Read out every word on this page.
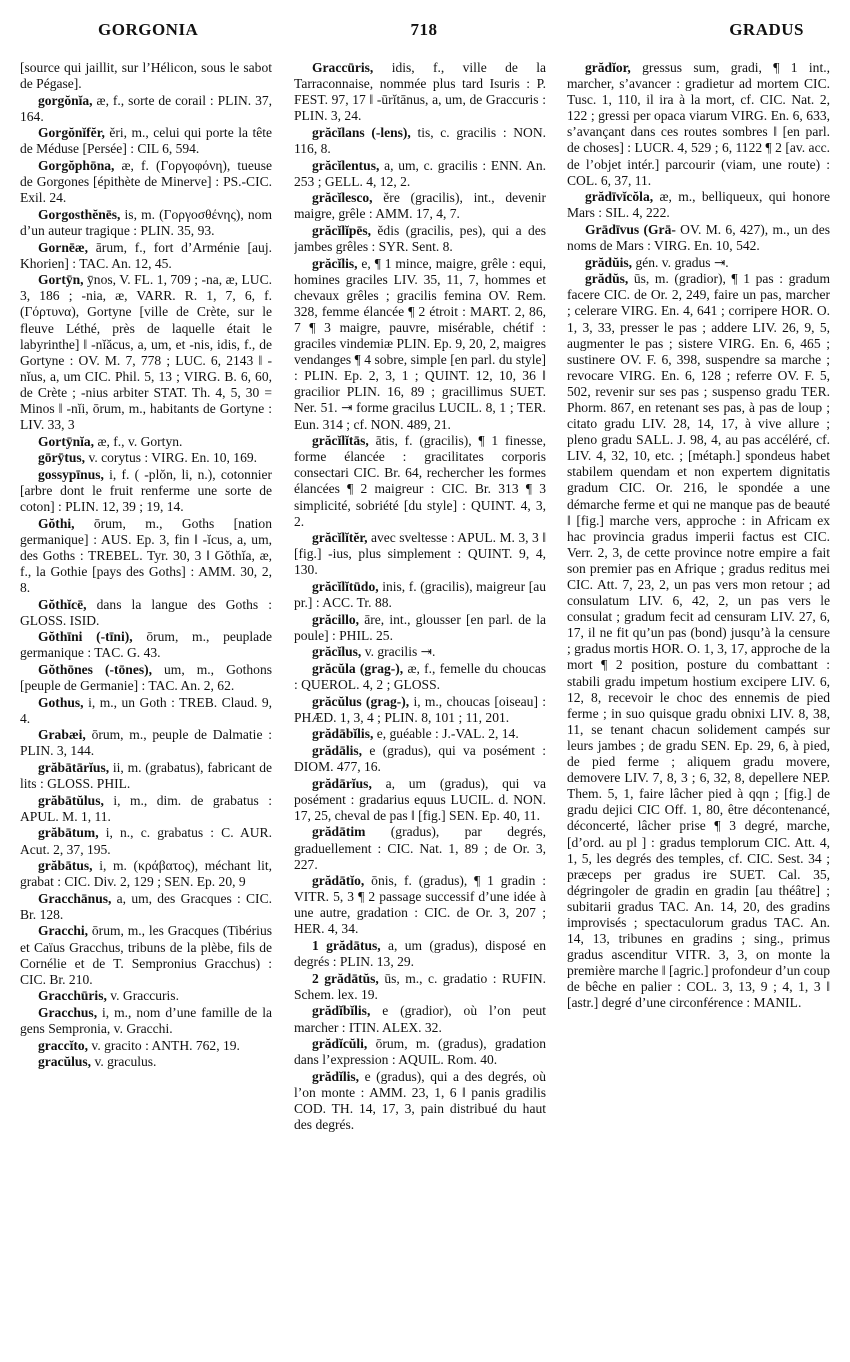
GORGONIA	718	GRADUS

[source qui jaillit, sur l’Hélicon, sous le sabot de Pégase].

gorgŏnĭa, æ, f., sorte de corail : PLIN. 37, 164.

Gorgŏnĭfĕr, ĕri, m., celui qui porte la tête de Méduse [Persée] : CIL 6, 594.

Gorgŏphōna, æ, f. (Γοργοφόνη), tueuse de Gorgones [épithète de Minerve] : PS.-CIC. Exil. 24.

Gorgosthĕnēs, is, m. (Γοργοσθένης), nom d’un auteur tragique : PLIN. 35, 93.

Gornēæ, ārum, f., fort d’Arménie [auj. Khorien] : TAC. An. 12, 45.

Gortȳn, ȳnos, V. FL. 1, 709 ; -na, æ, LUC. 3, 186 ; -nia, æ, VARR. R. 1, 7, 6, f. (Γόρτυνα), Gortyne [ville de Crète, sur le fleuve Léthé, près de laquelle était le labyrinthe] ‖ -nĭăcus, a, um, et -nis, idis, f., de Gortyne : OV. M. 7, 778 ; LUC. 6, 2143 ‖ -nĭus, a, um CIC. Phil. 5, 13 ; VIRG. B. 6, 60, de Crète ; -nius arbiter STAT. Th. 4, 5, 30 = Minos ‖ -nĭi, ōrum, m., habitants de Gortyne : LIV. 33, 3

Gortȳnĭa, æ, f., v. Gortyn.

gōrȳtus, v. corytus : VIRG. En. 10, 169.

gossypīnus, i, f. ( -plŏn, li, n.), cotonnier [arbre dont le fruit renferme une sorte de coton] : PLIN. 12, 39 ; 19, 14.

Gŏthi, ōrum, m., Goths [nation germanique] : AUS. Ep. 3, fin ‖ -ĭcus, a, um, des Goths : TREBEL. Tyr. 30, 3 ‖ Gŏthĭa, æ, f., la Gothie [pays des Goths] : AMM. 30, 2, 8.

Gŏthĭcē, dans la langue des Goths : GLOSS. ISID.

Gŏthīni (-tīni), ōrum, m., peuplade germanique : TAC. G. 43.

Gŏthōnes (-tōnes), um, m., Gothons [peuple de Germanie] : TAC. An. 2, 62.

Gothus, i, m., un Goth : TREB. Claud. 9, 4.

Grabæi, ōrum, m., peuple de Dalmatie : PLIN. 3, 144.

grăbātārĭus, ii, m. (grabatus), fabricant de lits : GLOSS. PHIL.

grăbātŭlus, i, m., dim. de grabatus : APUL. M. 1, 11.

grăbātum, i, n., c. grabatus : C. AUR. Acut. 2, 37, 195.

grăbātus, i, m. (κράβατος), méchant lit, grabat : CIC. Div. 2, 129 ; SEN. Ep. 20, 9

Gracchānus, a, um, des Gracques : CIC. Br. 128.

Gracchi, ōrum, m., les Gracques (Tibérius et Caïus Gracchus, tribuns de la plèbe, fils de Cornélie et de T. Sempronius Gracchus) : CIC. Br. 210.

Gracchūris, v. Graccuris.

Gracchus, i, m., nom d’une famille de la gens Sempronia, v. Gracchi.

graccĭto, v. gracito : ANTH. 762, 19.

gracŭlus, v. graculus.

Graccūris, idis, f., ville de la Tarraconnaise, nommée plus tard Isuris : P. FEST. 97, 17 ‖ -ūrĭtānus, a, um, de Graccuris : PLIN. 3, 24.

grăcĭlans (-lens), tis, c. gracilis : NON. 116, 8.

grăcĭlentus, a, um, c. gracilis : ENN. An. 253 ; GELL. 4, 12, 2.

grăcĭlesco, ĕre (gracilis), int., devenir maigre, grêle : AMM. 17, 4, 7.

grăcĭlĭpēs, ĕdis (gracilis, pes), qui a des jambes grêles : SYR. Sent. 8.

grăcĭlis, e, ¶ 1 mince, maigre, grêle : equi, homines graciles LIV. 35, 11, 7, hommes et chevaux grêles ; gracilis femina OV. Rem. 328, femme élancée ¶ 2 étroit : MART. 2, 86, 7 ¶ 3 maigre, pauvre, misérable, chétif : graciles vindemiæ PLIN. Ep. 9, 20, 2, maigres vendanges ¶ 4 sobre, simple [en parl. du style] : PLIN. Ep. 2, 3, 1 ; QUINT. 12, 10, 36 ‖ gracilior PLIN. 16, 89 ; gracillimus SUET. Ner. 51. ⇥ forme gracilus LUCIL. 8, 1 ; TER. Eun. 314 ; cf. NON. 489, 21.

grăcĭlĭtās, ātis, f. (gracilis), ¶ 1 finesse, forme élancée : gracilitates corporis consectari CIC. Br. 64, rechercher les formes élancées ¶ 2 maigreur : CIC. Br. 313 ¶ 3 simplicité, sobriété [du style] : QUINT. 4, 3, 2.

grăcĭlĭtĕr, avec sveltesse : APUL. M. 3, 3 ‖ [fig.] -ius, plus simplement : QUINT. 9, 4, 130.

grăcĭlĭtūdo, inis, f. (gracilis), maigreur [au pr.] : ACC. Tr. 88.

grăcillo, āre, int., glousser [en parl. de la poule] : PHIL. 25.

grăcĭlus, v. gracilis ⇥.

grăcŭla (grag-), æ, f., femelle du choucas : QUEROL. 4, 2 ; GLOSS.

grăcŭlus (grag-), i, m., choucas [oiseau] : PHÆD. 1, 3, 4 ; PLIN. 8, 101 ; 11, 201.

grădābĭlis, e, guéable : J.-VAL. 2, 14.

grădālis, e (gradus), qui va posément : DIOM. 477, 16.

grădārĭus, a, um (gradus), qui va posément : gradarius equus LUCIL. d. NON. 17, 25, cheval de pas ‖ [fig.] SEN. Ep. 40, 11.

grădātim (gradus), par degrés, graduellement : CIC. Nat. 1, 89 ; de Or. 3, 227.

grădātĭo, ōnis, f. (gradus), ¶ 1 gradin : VITR. 5, 3 ¶ 2 passage successif d’une idée à une autre, gradation : CIC. de Or. 3, 207 ; HER. 4, 34.

1 grădātus, a, um (gradus), disposé en degrés : PLIN. 13, 29.

2 grădātŭs, ūs, m., c. gradatio : RUFIN. Schem. lex. 19.

grădĭbĭlis, e (gradior), où l’on peut marcher : ITIN. ALEX. 32.

grădĭcŭli, ōrum, m. (gradus), gradation dans l’expression : AQUIL. Rom. 40.

grădĭlis, e (gradus), qui a des degrés, où l’on monte : AMM. 23, 1, 6 ‖ panis gradilis COD. TH. 14, 17, 3, pain distribué du haut des degrés.

grădĭor, gressus sum, gradi, ¶ 1 int., marcher, s’avancer : gradietur ad mortem CIC. Tusc. 1, 110, il ira à la mort, cf. CIC. Nat. 2, 122 ; gressi per opaca viarum VIRG. En. 6, 633, s’avançant dans ces routes sombres ‖ [en parl. de choses] : LUCR. 4, 529 ; 6, 1122 ¶ 2 [av. acc. de l’objet intér.] parcourir (viam, une route) : COL. 6, 37, 11.

grădīvĭcŏla, æ, m., belliqueux, qui honore Mars : SIL. 4, 222.

Grādīvus (Grā- OV. M. 6, 427), m., un des noms de Mars : VIRG. En. 10, 542.

grădŭis, gén. v. gradus ⇥.

grădŭs, ūs, m. (gradior), ¶ 1 pas : gradum facere CIC. de Or. 2, 249, faire un pas, marcher ; celerare VIRG. En. 4, 641 ; corripere HOR. O. 1, 3, 33, presser le pas ; addere LIV. 26, 9, 5, augmenter le pas ; sistere VIRG. En. 6, 465 ; sustinere OV. F. 6, 398, suspendre sa marche ; revocare VIRG. En. 6, 128 ; referre OV. F. 5, 502, revenir sur ses pas ; suspenso gradu TER. Phorm. 867, en retenant ses pas, à pas de loup ; citato gradu LIV. 28, 14, 17, à vive allure ; pleno gradu SALL. J. 98, 4, au pas accéléré, cf. LIV. 4, 32, 10, etc. ; [métaph.] spondeus habet stabilem quendam et non expertem dignitatis gradum CIC. Or. 216, le spondée a une démarche ferme et qui ne manque pas de beauté ‖ [fig.] marche vers, approche : in Africam ex hac provincia gradus imperii factus est CIC. Verr. 2, 3, de cette province notre empire a fait son premier pas en Afrique ; gradus reditus mei CIC. Att. 7, 23, 2, un pas vers mon retour ; ad consulatum LIV. 6, 42, 2, un pas vers le consulat ; gradum fecit ad censuram LIV. 27, 6, 17, il ne fit qu’un pas (bond) jusqu’à la censure ; gradus mortis HOR. O. 1, 3, 17, approche de la mort ¶ 2 position, posture du combattant : stabili gradu impetum hostium excipere LIV. 6, 12, 8, recevoir le choc des ennemis de pied ferme ; in suo quisque gradu obnixi LIV. 8, 38, 11, se tenant chacun solidement campés sur leurs jambes ; de gradu SEN. Ep. 29, 6, à pied, de pied ferme ; aliquem gradu movere, demovere LIV. 7, 8, 3 ; 6, 32, 8, depellere NEP. Them. 5, 1, faire lâcher pied à qqn ; [fig.] de gradu dejici CIC Off. 1, 80, être décontenancé, déconcerté, lâcher prise ¶ 3 degré, marche, [d’ord. au pl ] : gradus templorum CIC. Att. 4, 1, 5, les degrés des temples, cf. CIC. Sest. 34 ; præceps per gradus ire SUET. Cal. 35, dégringoler de gradin en gradin [au théâtre] ; subitarii gradus TAC. An. 14, 20, des gradins improvisés ; spectaculorum gradus TAC. An. 14, 13, tribunes en gradins ; sing., primus gradus ascenditur VITR. 3, 3, on monte la première marche ‖ [agric.] profondeur d’un coup de bêche en palier : COL. 3, 13, 9 ; 4, 1, 3 ‖ [astr.] degré d’une circonférence : MANIL.
